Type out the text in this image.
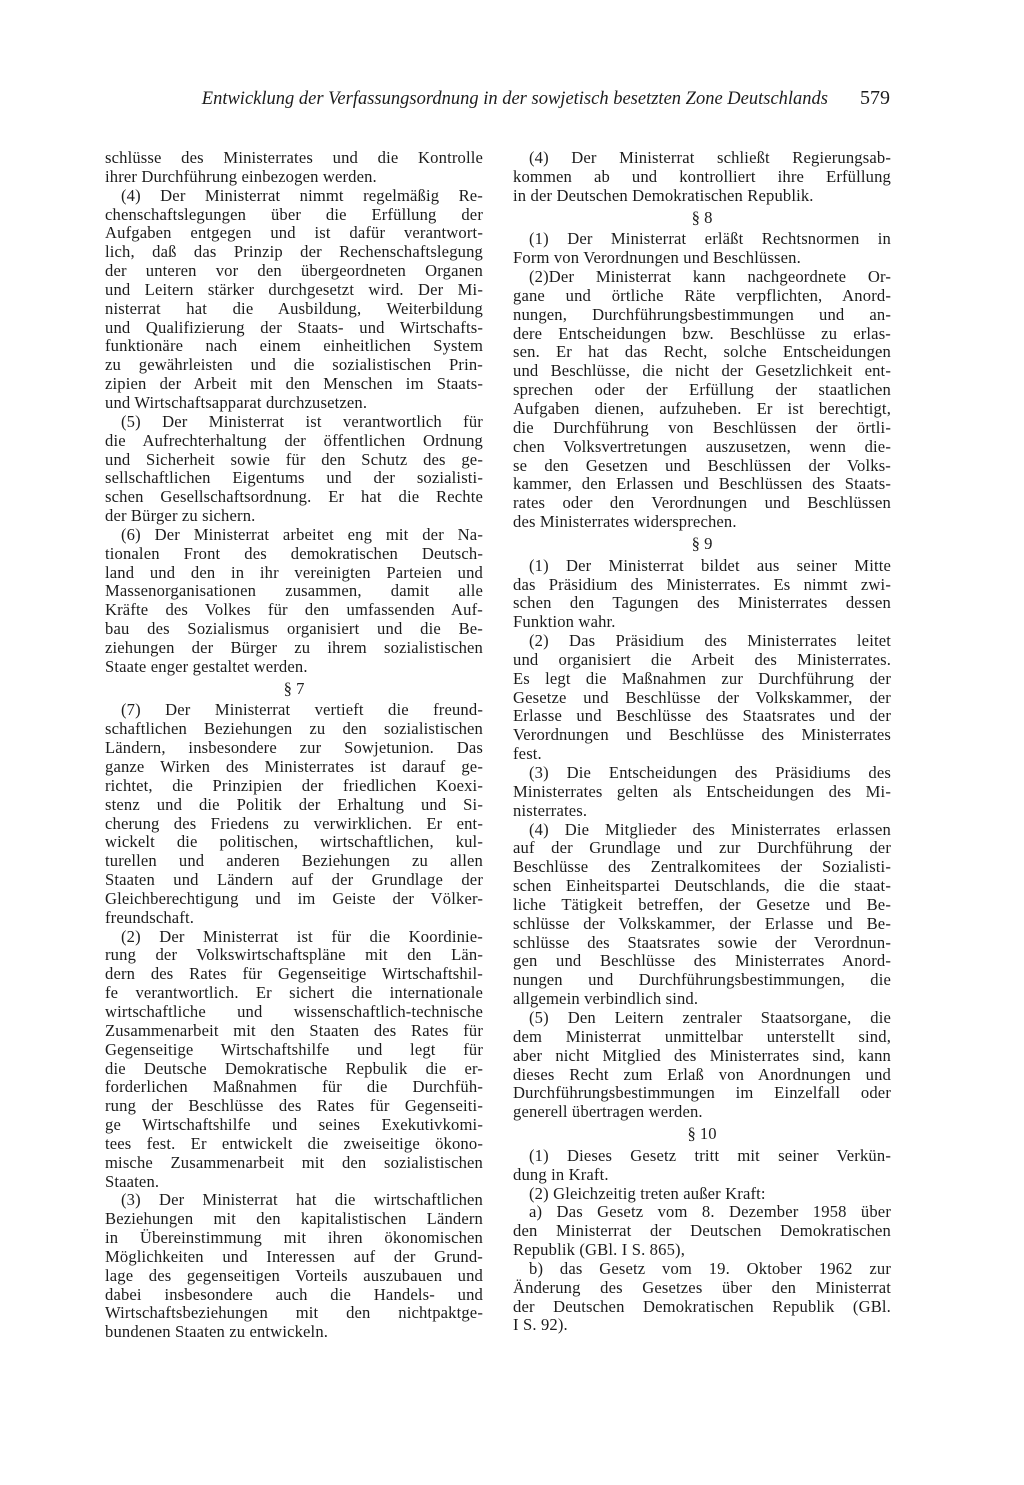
Entwicklung der Verfassungsordnung in der sowjetisch besetzten Zone Deutschlands 579
schlüsse des Ministerrates und die Kontrolle
ihrer Durchführung einbezogen werden.
(4) Der Ministerrat nimmt regelmäßig Re-
chenschaftslegungen über die Erfüllung der
Aufgaben entgegen und ist dafür verantwort-
lich, daß das Prinzip der Rechenschaftslegung
der unteren vor den übergeordneten Organen
und Leitern stärker durchgesetzt wird. Der Mi-
nisterrat hat die Ausbildung, Weiterbildung
und Qualifizierung der Staats- und Wirtschafts-
funktionäre nach einem einheitlichen System
zu gewährleisten und die sozialistischen Prin-
zipien der Arbeit mit den Menschen im Staats-
und Wirtschaftsapparat durchzusetzen.
(5) Der Ministerrat ist verantwortlich für
die Aufrechterhaltung der öffentlichen Ordnung
und Sicherheit sowie für den Schutz des ge-
sellschaftlichen Eigentums und der sozialisti-
schen Gesellschaftsordnung. Er hat die Rechte
der Bürger zu sichern.
(6) Der Ministerrat arbeitet eng mit der Na-
tionalen Front des demokratischen Deutsch-
land und den in ihr vereinigten Parteien und
Massenorganisationen zusammen, damit alle
Kräfte des Volkes für den umfassenden Auf-
bau des Sozialismus organisiert und die Be-
ziehungen der Bürger zu ihrem sozialistischen
Staate enger gestaltet werden.
§ 7
(7) Der Ministerrat vertieft die freund-
schaftlichen Beziehungen zu den sozialistischen
Ländern, insbesondere zur Sowjetunion. Das
ganze Wirken des Ministerrates ist darauf ge-
richtet, die Prinzipien der friedlichen Koexi-
stenz und die Politik der Erhaltung und Si-
cherung des Friedens zu verwirklichen. Er ent-
wickelt die politischen, wirtschaftlichen, kul-
turellen und anderen Beziehungen zu allen
Staaten und Ländern auf der Grundlage der
Gleichberechtigung und im Geiste der Völker-
freundschaft.
(2) Der Ministerrat ist für die Koordinie-
rung der Volkswirtschaftspläne mit den Län-
dern des Rates für Gegenseitige Wirtschaftshil-
fe verantwortlich. Er sichert die internationale
wirtschaftliche und wissenschaftlich-technische
Zusammenarbeit mit den Staaten des Rates für
Gegenseitige Wirtschaftshilfe und legt für
die Deutsche Demokratische Repbulik die er-
forderlichen Maßnahmen für die Durchfüh-
rung der Beschlüsse des Rates für Gegenseiti-
ge Wirtschaftshilfe und seines Exekutivkomi-
tees fest. Er entwickelt die zweiseitige ökono-
mische Zusammenarbeit mit den sozialistischen
Staaten.
(3) Der Ministerrat hat die wirtschaftlichen
Beziehungen mit den kapitalistischen Ländern
in Übereinstimmung mit ihren ökonomischen
Möglichkeiten und Interessen auf der Grund-
lage des gegenseitigen Vorteils auszubauen und
dabei insbesondere auch die Handels- und
Wirtschaftsbeziehungen mit den nichtpaktge-
bundenen Staaten zu entwickeln.
(4) Der Ministerrat schließt Regierungsab-
kommen ab und kontrolliert ihre Erfüllung
in der Deutschen Demokratischen Republik.
§ 8
(1) Der Ministerrat erläßt Rechtsnormen in
Form von Verordnungen und Beschlüssen.
(2)Der Ministerrat kann nachgeordnete Or-
gane und örtliche Räte verpflichten, Anord-
nungen, Durchführungsbestimmungen und an-
dere Entscheidungen bzw. Beschlüsse zu erlas-
sen. Er hat das Recht, solche Entscheidungen
und Beschlüsse, die nicht der Gesetzlichkeit ent-
sprechen oder der Erfüllung der staatlichen
Aufgaben dienen, aufzuheben. Er ist berechtigt,
die Durchführung von Beschlüssen der örtli-
chen Volksvertretungen auszusetzen, wenn die-
se den Gesetzen und Beschlüssen der Volks-
kammer, den Erlassen und Beschlüssen des Staats-
rates oder den Verordnungen und Beschlüssen
des Ministerrates widersprechen.
§ 9
(1) Der Ministerrat bildet aus seiner Mitte
das Präsidium des Ministerrates. Es nimmt zwi-
schen den Tagungen des Ministerrates dessen
Funktion wahr.
(2) Das Präsidium des Ministerrates leitet
und organisiert die Arbeit des Ministerrates.
Es legt die Maßnahmen zur Durchführung der
Gesetze und Beschlüsse der Volkskammer, der
Erlasse und Beschlüsse des Staatsrates und der
Verordnungen und Beschlüsse des Ministerrates
fest.
(3) Die Entscheidungen des Präsidiums des
Ministerrates gelten als Entscheidungen des Mi-
nisterrates.
(4) Die Mitglieder des Ministerrates erlassen
auf der Grundlage und zur Durchführung der
Beschlüsse des Zentralkomitees der Sozialisti-
schen Einheitspartei Deutschlands, die die staat-
liche Tätigkeit betreffen, der Gesetze und Be-
schlüsse der Volkskammer, der Erlasse und Be-
schlüsse des Staatsrates sowie der Verordnun-
gen und Beschlüsse des Ministerrates Anord-
nungen und Durchführungsbestimmungen, die
allgemein verbindlich sind.
(5) Den Leitern zentraler Staatsorgane, die
dem Ministerrat unmittelbar unterstellt sind,
aber nicht Mitglied des Ministerrates sind, kann
dieses Recht zum Erlaß von Anordnungen und
Durchführungsbestimmungen im Einzelfall oder
generell übertragen werden.
§ 10
(1) Dieses Gesetz tritt mit seiner Verkün-
dung in Kraft.
(2) Gleichzeitig treten außer Kraft:
a) Das Gesetz vom 8. Dezember 1958 über
den Ministerrat der Deutschen Demokratischen
Republik (GBl. I S. 865),
b) das Gesetz vom 19. Oktober 1962 zur
Änderung des Gesetzes über den Ministerrat
der Deutschen Demokratischen Republik (GBl.
I S. 92).
